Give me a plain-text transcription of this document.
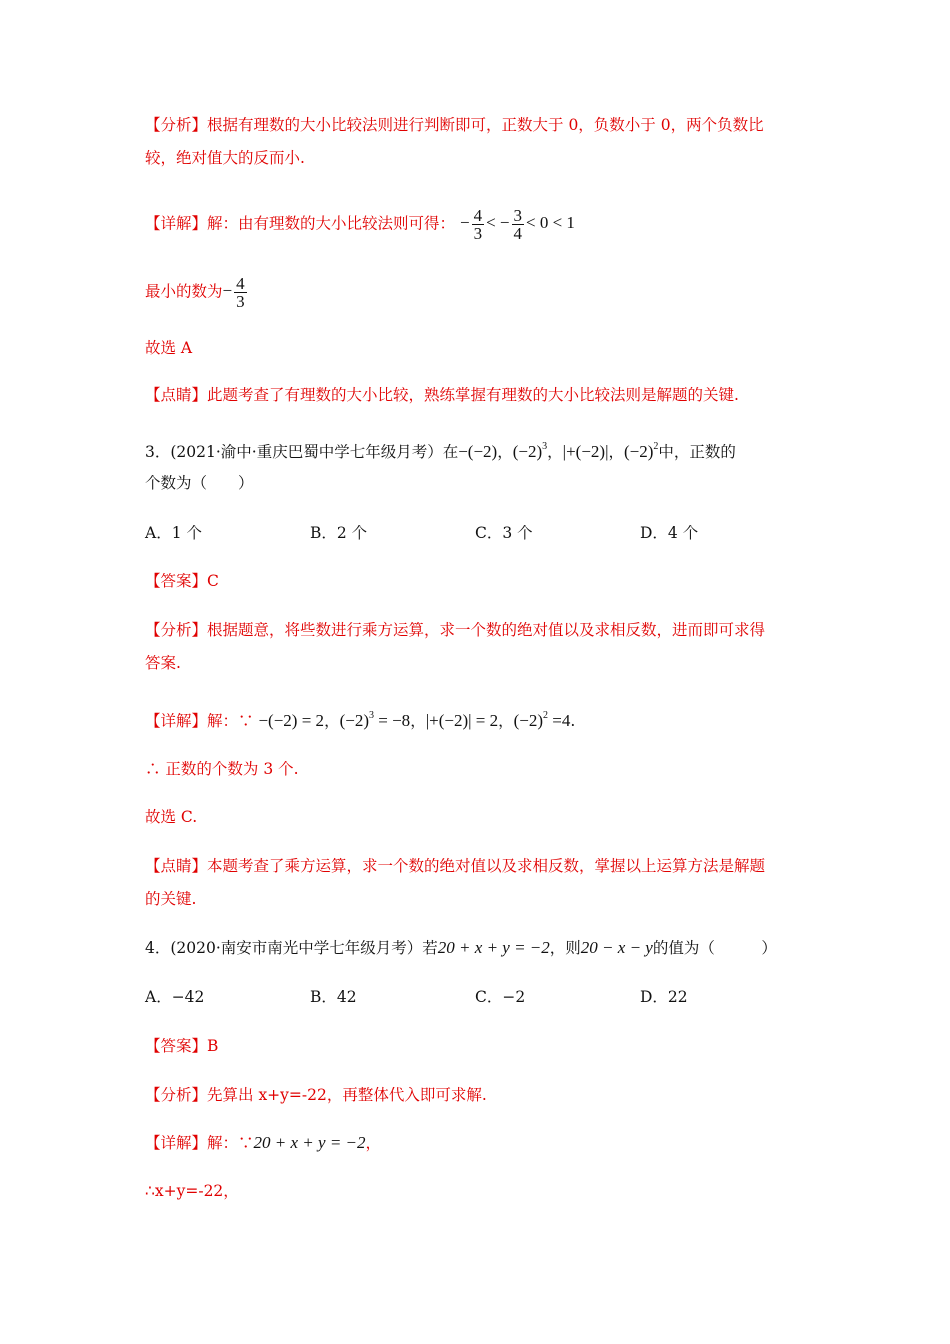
【分析】根据有理数的大小比较法则进行判断即可，正数大于 0，负数小于 0，两个负数比
较，绝对值大的反而小.
【详解】解：由有理数的大小比较法则可得： − $\frac{4}{3}$ < − $\frac{3}{4} < 0 < 1$
最小的数为− $\frac{4}{3}$
故选 A
【点睛】此题考查了有理数的大小比较，熟练掌握有理数的大小比较法则是解题的关键.
3．(2021·渝中·重庆巴蜀中学七年级月考）在−(−2)，$(-2)^3$，|+(−2)|，$(-2)^2$中，正数的
个数为（　　）
A．1 个	B．2 个	C．3 个	D．4 个
【答案】C
【分析】根据题意，将些数进行乘方运算，求一个数的绝对值以及求相反数，进而即可求得
答案.
【详解】解：∵ −(−2) = 2，$(-2)^3 = -8$，|+(−2)| = 2，$(-2)^2 =4$.
∴ 正数的个数为 3 个.
故选 C.
【点睛】本题考查了乘方运算，求一个数的绝对值以及求相反数，掌握以上运算方法是解题
的关键.
4．(2020·南安市南光中学七年级月考）若20 + x + y = −2，则20 − x − y的值为（　　　）
A．−42	B．42	C．−2	D．22
【答案】B
【分析】先算出 x+y=-22，再整体代入即可求解.
【详解】解：∵20 + x + y = −2，
∴x+y=-22，
